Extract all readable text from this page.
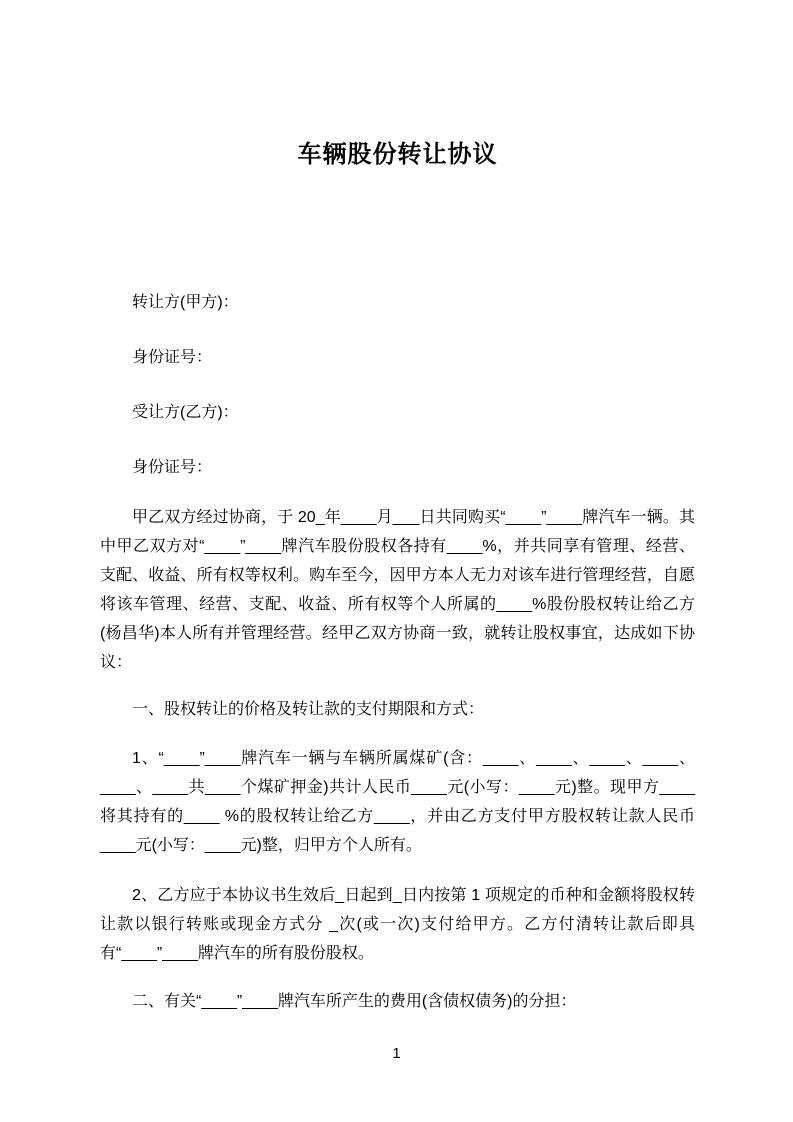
车辆股份转让协议

转让方(甲方)：

身份证号：

受让方(乙方)：

身份证号：

甲乙双方经过协商，于 20_年____月___日共同购买“____”____牌汽车一辆。其中甲乙双方对“____”____牌汽车股份股权各持有____%，并共同享有管理、经营、支配、收益、所有权等权利。购车至今，因甲方本人无力对该车进行管理经营，自愿将该车管理、经营、支配、收益、所有权等个人所属的____%股份股权转让给乙方(杨昌华)本人所有并管理经营。经甲乙双方协商一致，就转让股权事宜，达成如下协议：

一、股权转让的价格及转让款的支付期限和方式：

1、“____”____牌汽车一辆与车辆所属煤矿(含：____、____、____、____、____、____共____个煤矿押金)共计人民币____元(小写：____元)整。现甲方____将其持有的____ %的股权转让给乙方____，并由乙方支付甲方股权转让款人民币____元(小写：____元)整，归甲方个人所有。

2、乙方应于本协议书生效后_日起到_日内按第 1 项规定的币种和金额将股权转让款以银行转账或现金方式分 _次(或一次)支付给甲方。乙方付清转让款后即具有“____”____牌汽车的所有股份股权。

二、有关“____”____牌汽车所产生的费用(含债权债务)的分担：

1
